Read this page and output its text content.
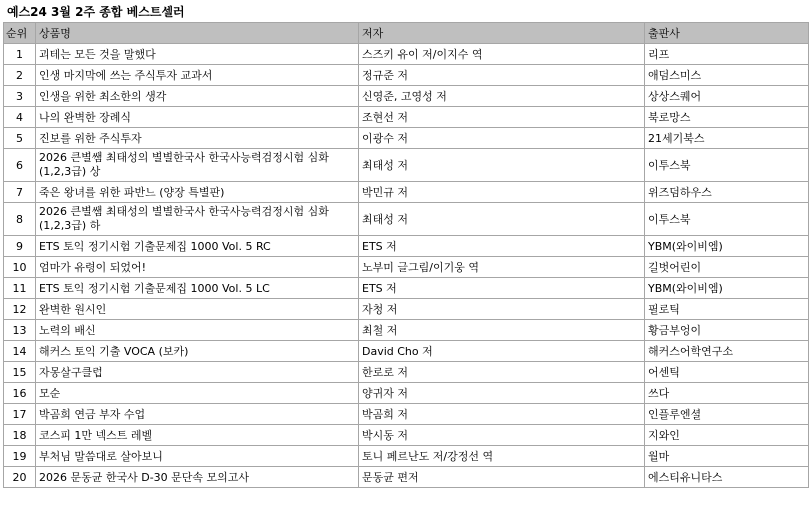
예스24 3월 2주 종합 베스트셀러
순위	상품명	저자	출판사
1	괴테는 모든 것을 말했다	스즈키 유이 저/이지수 역	리프
2	인생 마지막에 쓰는 주식투자 교과서	정규준 저	애덤스미스
3	인생을 위한 최소한의 생각	신영준, 고영성 저	상상스퀘어
4	나의 완벽한 장례식	조현선 저	북로망스
5	진보를 위한 주식투자	이광수 저	21세기북스
6	2026 큰별쌤 최태성의 별별한국사 한국사능력검정시험 심화(1,2,3급) 상	최태성 저	이투스북
7	죽은 왕녀를 위한 파반느 (양장 특별판)	박민규 저	위즈덤하우스
8	2026 큰별쌤 최태성의 별별한국사 한국사능력검정시험 심화(1,2,3급) 하	최태성 저	이투스북
9	ETS 토익 정기시험 기출문제집 1000 Vol. 5 RC	ETS 저	YBM(와이비엠)
10	엄마가 유령이 되었어!	노부미 글그림/이기웅 역	길벗어린이
11	ETS 토익 정기시험 기출문제집 1000 Vol. 5 LC	ETS 저	YBM(와이비엠)
12	완벽한 원시인	자청 저	필로틱
13	노력의 배신	최철 저	황금부엉이
14	해커스 토익 기출 VOCA (보카)	David Cho 저	해커스어학연구소
15	자몽살구클럽	한로로 저	어센틱
16	모순	양귀자 저	쓰다
17	박곰희 연금 부자 수업	박곰희 저	인플루엔셜
18	코스피 1만 넥스트 레벨	박시동 저	지와인
19	부처님 말씀대로 살아보니	토니 페르난도 저/강정선 역	월마
20	2026 문동균 한국사 D-30 문단속 모의고사	문동균 편저	에스티유니타스
